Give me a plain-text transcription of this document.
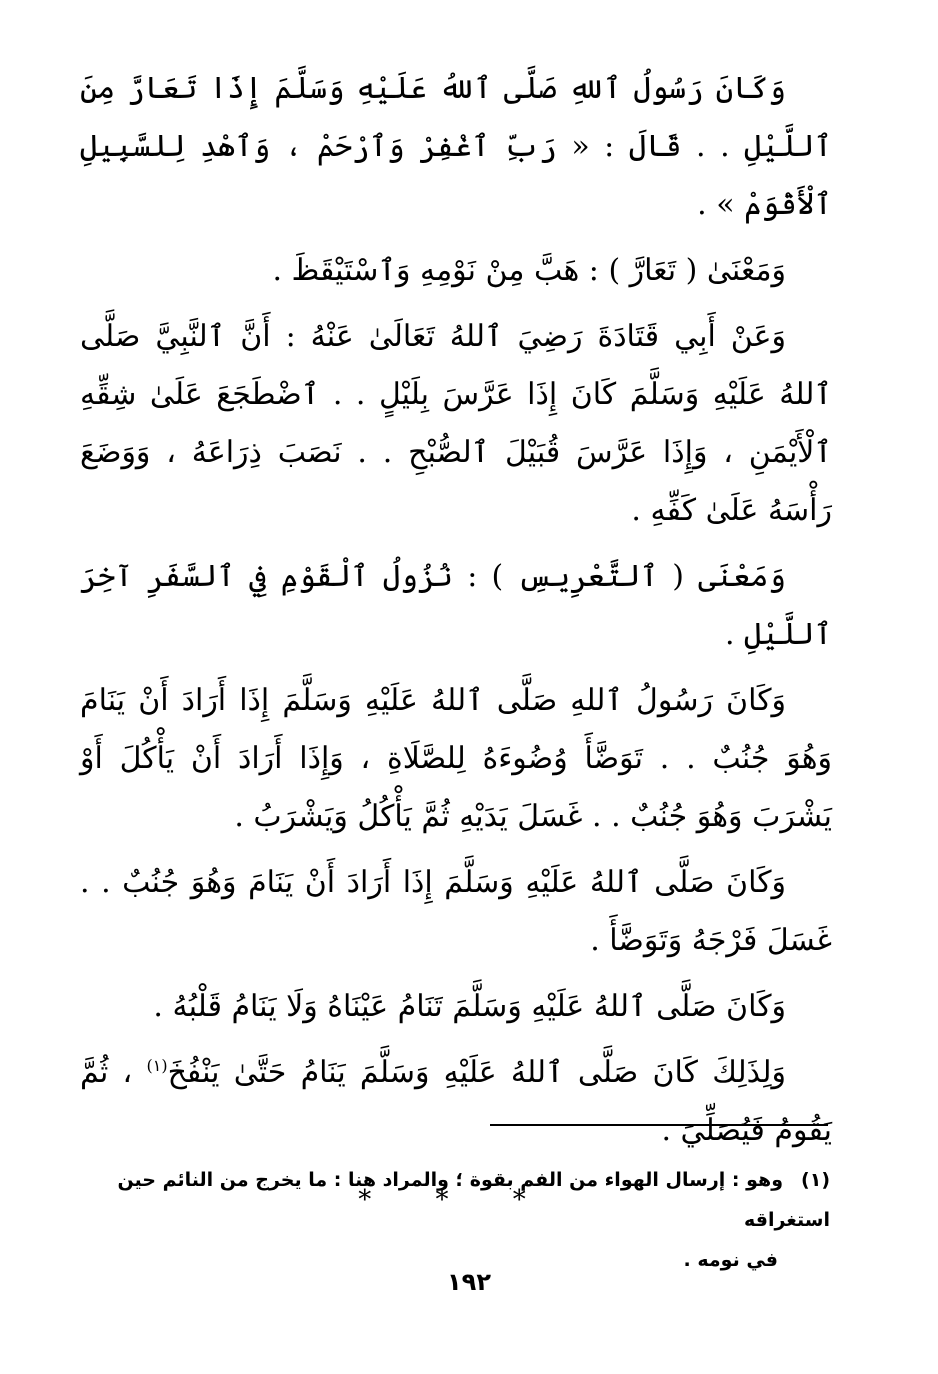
وَكَانَ رَسُولُ ٱللهِ صَلَّى ٱللهُ عَلَيْهِ وَسَلَّمَ إِذَا تَعَارَّ مِنَ ٱللَّيْلِ . . قَالَ : « رَبِّ ٱغْفِرْ وَٱرْحَمْ ، وَٱهْدِ لِلسَّبِيلِ ٱلْأَقْوَمْ » .

وَمَعْنَىٰ ( تَعَارَّ ) : هَبَّ مِنْ نَوْمِهِ وَٱسْتَيْقَظَ .

وَعَنْ أَبِي قَتَادَةَ رَضِيَ ٱللهُ تَعَالَىٰ عَنْهُ : أَنَّ ٱلنَّبِيَّ صَلَّى ٱللهُ عَلَيْهِ وَسَلَّمَ كَانَ إِذَا عَرَّسَ بِلَيْلٍ . . ٱضْطَجَعَ عَلَىٰ شِقِّهِ ٱلْأَيْمَنِ ، وَإِذَا عَرَّسَ قُبَيْلَ ٱلصُّبْحِ . . نَصَبَ ذِرَاعَهُ ، وَوَضَعَ رَأْسَهُ عَلَىٰ كَفِّهِ .

وَمَعْنَى ( ٱلتَّعْرِيسِ ) : نُزُولُ ٱلْقَوْمِ فِي ٱلسَّفَرِ آخِرَ ٱللَّيْلِ .

وَكَانَ رَسُولُ ٱللهِ صَلَّى ٱللهُ عَلَيْهِ وَسَلَّمَ إِذَا أَرَادَ أَنْ يَنَامَ وَهُوَ جُنُبٌ . . تَوَضَّأَ وُضُوءَهُ لِلصَّلَاةِ ، وَإِذَا أَرَادَ أَنْ يَأْكُلَ أَوْ يَشْرَبَ وَهُوَ جُنُبٌ . . غَسَلَ يَدَيْهِ ثُمَّ يَأْكُلُ وَيَشْرَبُ .

وَكَانَ صَلَّى ٱللهُ عَلَيْهِ وَسَلَّمَ إِذَا أَرَادَ أَنْ يَنَامَ وَهُوَ جُنُبٌ . . غَسَلَ فَرْجَهُ وَتَوَضَّأَ .

وَكَانَ صَلَّى ٱللهُ عَلَيْهِ وَسَلَّمَ تَنَامُ عَيْنَاهُ وَلَا يَنَامُ قَلْبُهُ .

وَلِذَلِكَ كَانَ صَلَّى ٱللهُ عَلَيْهِ وَسَلَّمَ يَنَامُ حَتَّىٰ يَنْفُخَ$^{(١)}$ ، ثُمَّ يَقُومُ فَيُصَلِّيَ .

* * *
(١)وهو : إرسال الهواء من الفم بقوة ؛ والمراد هنا : ما يخرج من النائم حين استغراقه
في نومه .
١٩٢
